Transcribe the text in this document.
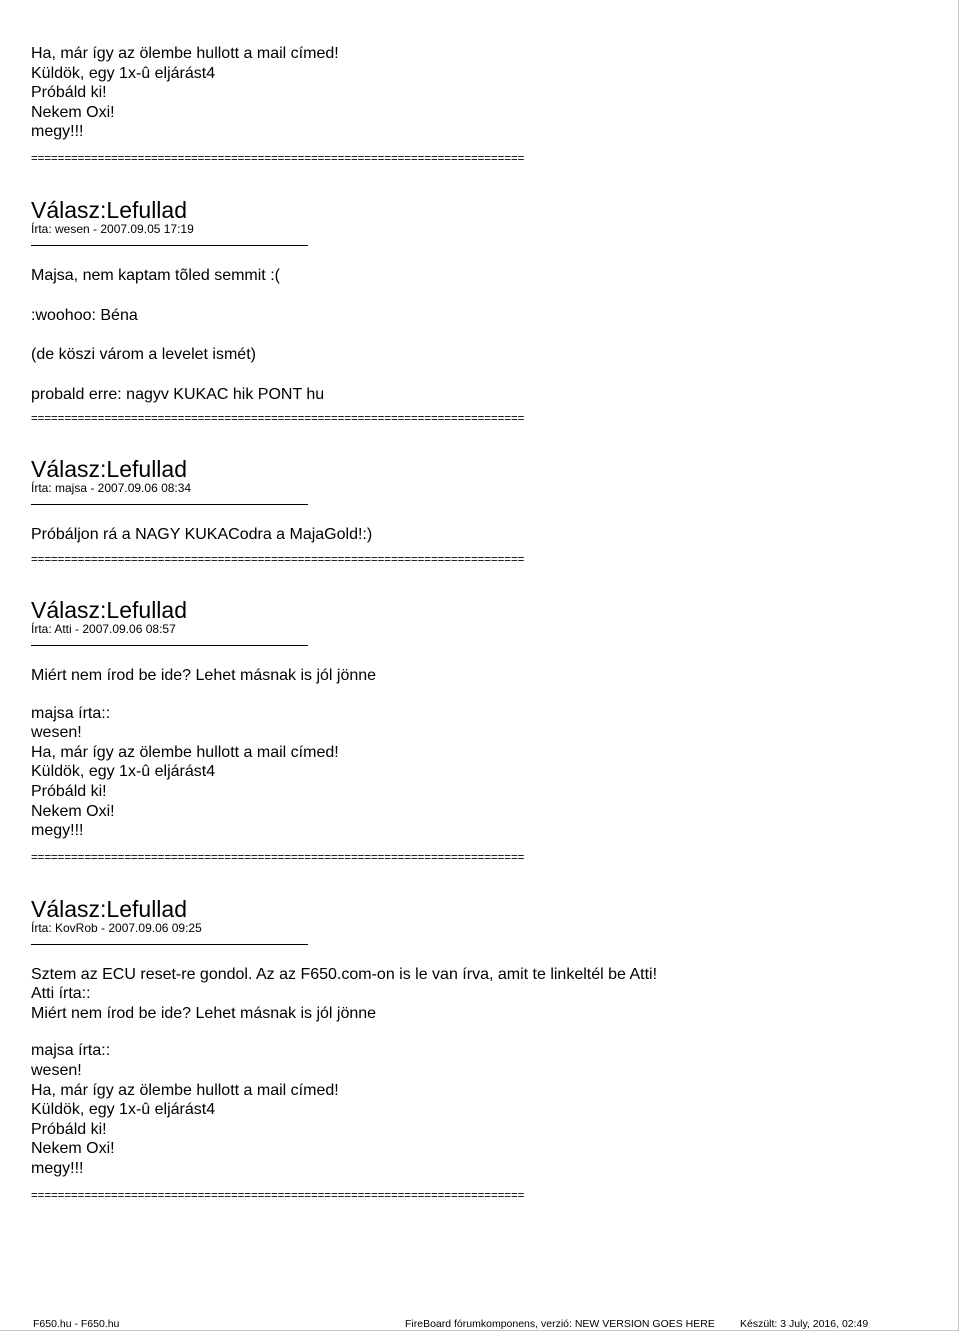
Ha, már így az ölembe hullott a mail címed!
Küldök, egy 1x-û eljárást4
Próbáld ki!
Nekem Oxi!
megy!!!
==========================================================================
Válasz:Lefullad
Írta: wesen - 2007.09.05 17:19
Majsa, nem kaptam tõled semmit :(
:woohoo: Béna
(de köszi várom a levelet ismét)
probald erre: nagyv KUKAC hik PONT hu
==========================================================================
Válasz:Lefullad
Írta: majsa - 2007.09.06 08:34
Próbáljon rá a NAGY KUKACodra a MajaGold!:)
==========================================================================
Válasz:Lefullad
Írta: Atti - 2007.09.06 08:57
Miért nem írod be ide? Lehet másnak is jól jönne
majsa írta::
wesen!
Ha, már így az ölembe hullott a mail címed!
Küldök, egy 1x-û eljárást4
Próbáld ki!
Nekem Oxi!
megy!!!
==========================================================================
Válasz:Lefullad
Írta: KovRob - 2007.09.06 09:25
Sztem az ECU reset-re gondol. Az az F650.com-on is le van írva, amit te linkeltél be Atti!
Atti írta::
Miért nem írod be ide? Lehet másnak is jól jönne
majsa írta::
wesen!
Ha, már így az ölembe hullott a mail címed!
Küldök, egy 1x-û eljárást4
Próbáld ki!
Nekem Oxi!
megy!!!
==========================================================================
F650.hu - F650.hu	FireBoard fórumkomponens, verzió: NEW VERSION GOES HERE Készült: 3 July, 2016, 02:49
